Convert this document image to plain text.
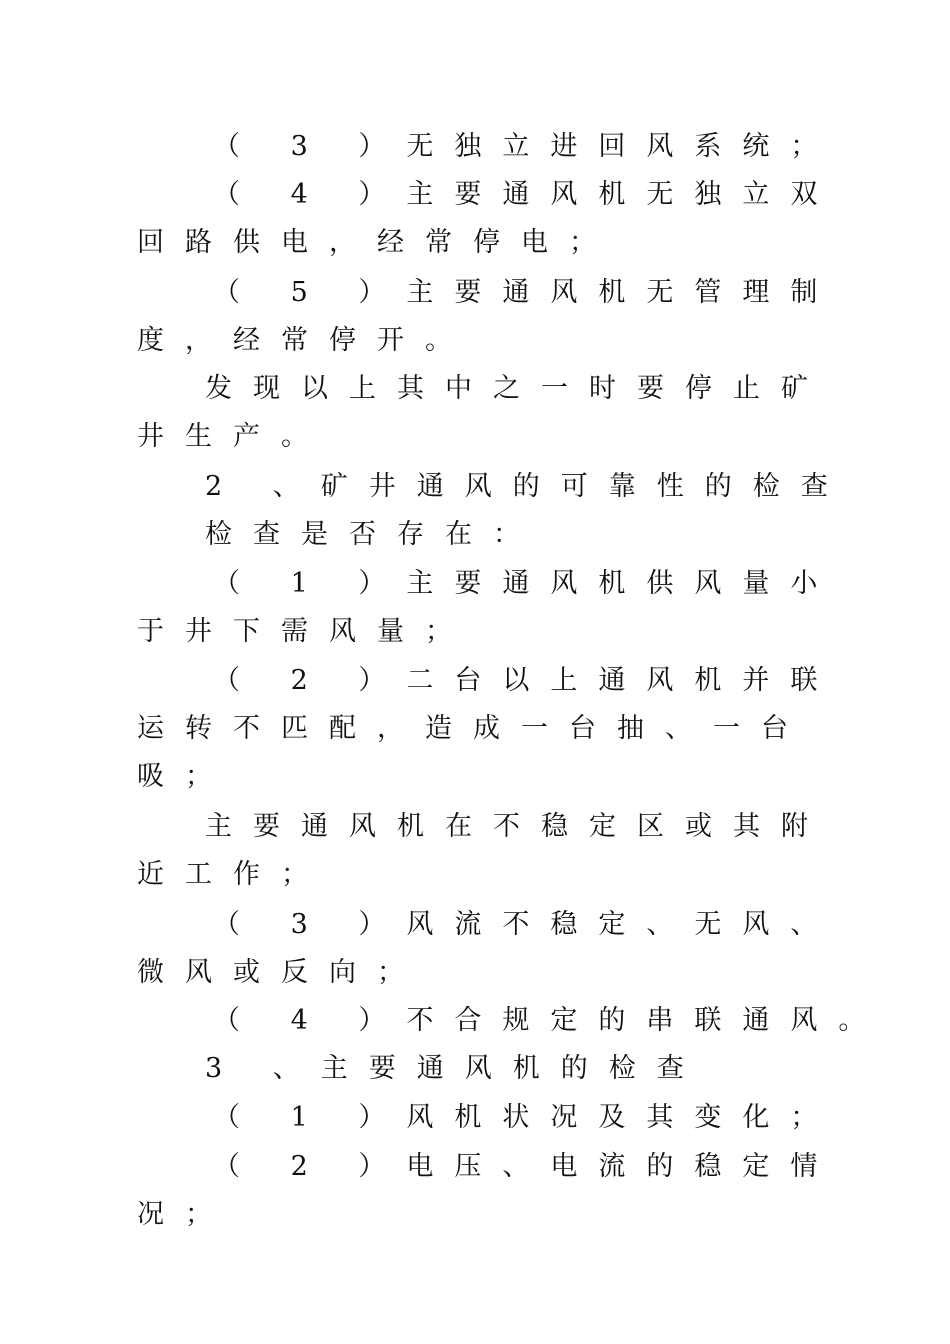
（ 3 ）无独立进回风系统；
（ 4 ）主要通风机无独立双
回路供电，经常停电；
（ 5 ）主要通风机无管理制
度，经常停开。
发现以上其中之一时要停止矿
井生产。
2 、矿井通风的可靠性的检查
检查是否存在：
（ 1 ）主要通风机供风量小
于井下需风量；
（ 2 ）二台以上通风机并联
运转不匹配，造成一台抽、一台
吸；
主要通风机在不稳定区或其附
近工作；
（ 3 ）风流不稳定、无风、
微风或反向；
（ 4 ）不合规定的串联通风。
3 、主要通风机的检查
（ 1 ）风机状况及其变化；
（ 2 ）电压、电流的稳定情
况；
